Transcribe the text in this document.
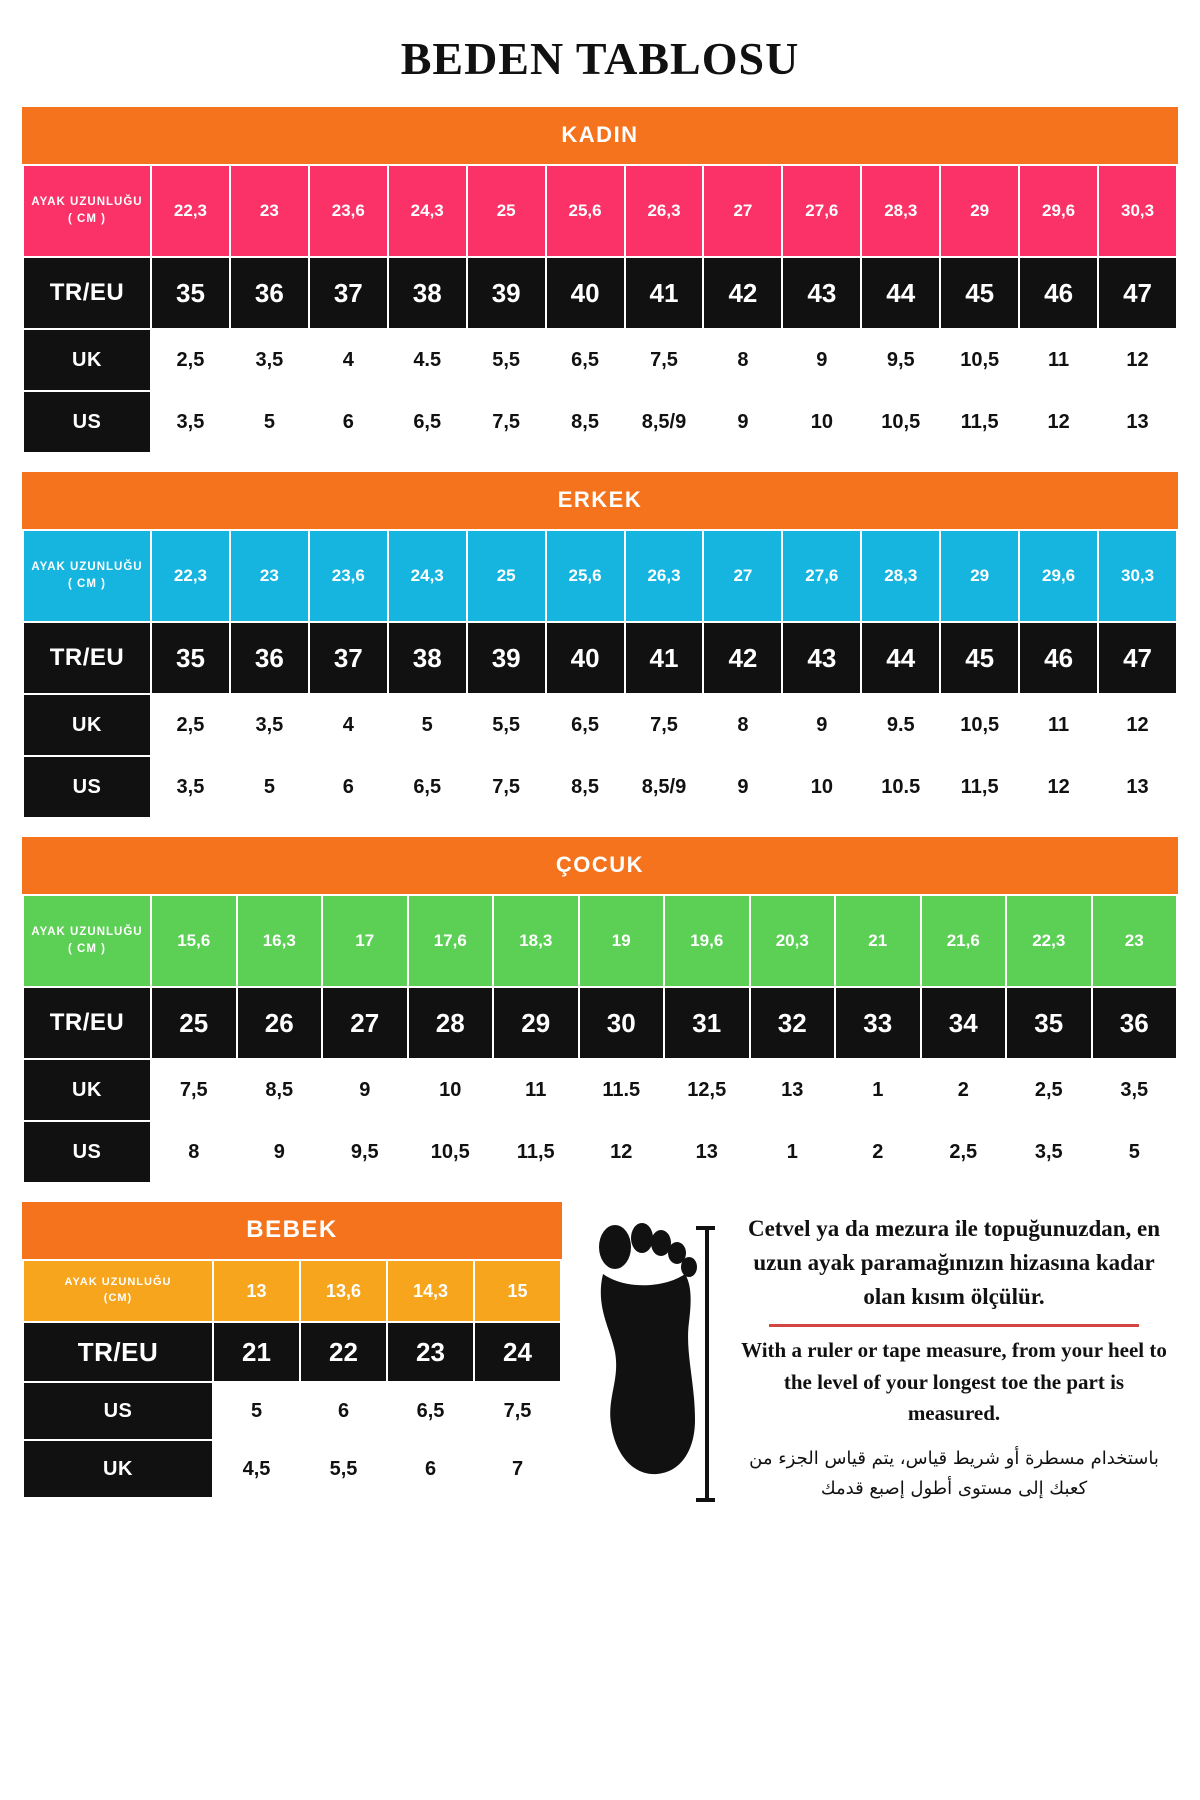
BEDEN TABLOSU
KADIN
AYAK UZUNLUĞU
( CM )	22,3	23	23,6	24,3	25	25,6	26,3	27	27,6	28,3	29	29,6	30,3
TR/EU	35	36	37	38	39	40	41	42	43	44	45	46	47
UK	2,5	3,5	4	4.5	5,5	6,5	7,5	8	9	9,5	10,5	11	12
US	3,5	5	6	6,5	7,5	8,5	8,5/9	9	10	10,5	11,5	12	13
ERKEK
AYAK UZUNLUĞU
( CM )	22,3	23	23,6	24,3	25	25,6	26,3	27	27,6	28,3	29	29,6	30,3
TR/EU	35	36	37	38	39	40	41	42	43	44	45	46	47
UK	2,5	3,5	4	5	5,5	6,5	7,5	8	9	9.5	10,5	11	12
US	3,5	5	6	6,5	7,5	8,5	8,5/9	9	10	10.5	11,5	12	13
ÇOCUK
AYAK UZUNLUĞU
( CM )	15,6	16,3	17	17,6	18,3	19	19,6	20,3	21	21,6	22,3	23
TR/EU	25	26	27	28	29	30	31	32	33	34	35	36
UK	7,5	8,5	9	10	11	11.5	12,5	13	1	2	2,5	3,5
US	8	9	9,5	10,5	11,5	12	13	1	2	2,5	3,5	5
BEBEK
AYAK UZUNLUĞU
(CM)	13	13,6	14,3	15
TR/EU	21	22	23	24
US	5	6	6,5	7,5
UK	4,5	5,5	6	7
Cetvel ya da mezura ile topuğunuzdan, en uzun ayak paramağınızın hizasına kadar olan kısım ölçülür.
With a ruler or tape measure, from your heel to the level of your longest toe the part is measured.
باستخدام مسطرة أو شريط قياس، يتم قياس الجزء من كعبك إلى مستوى أطول إصبع قدمك
